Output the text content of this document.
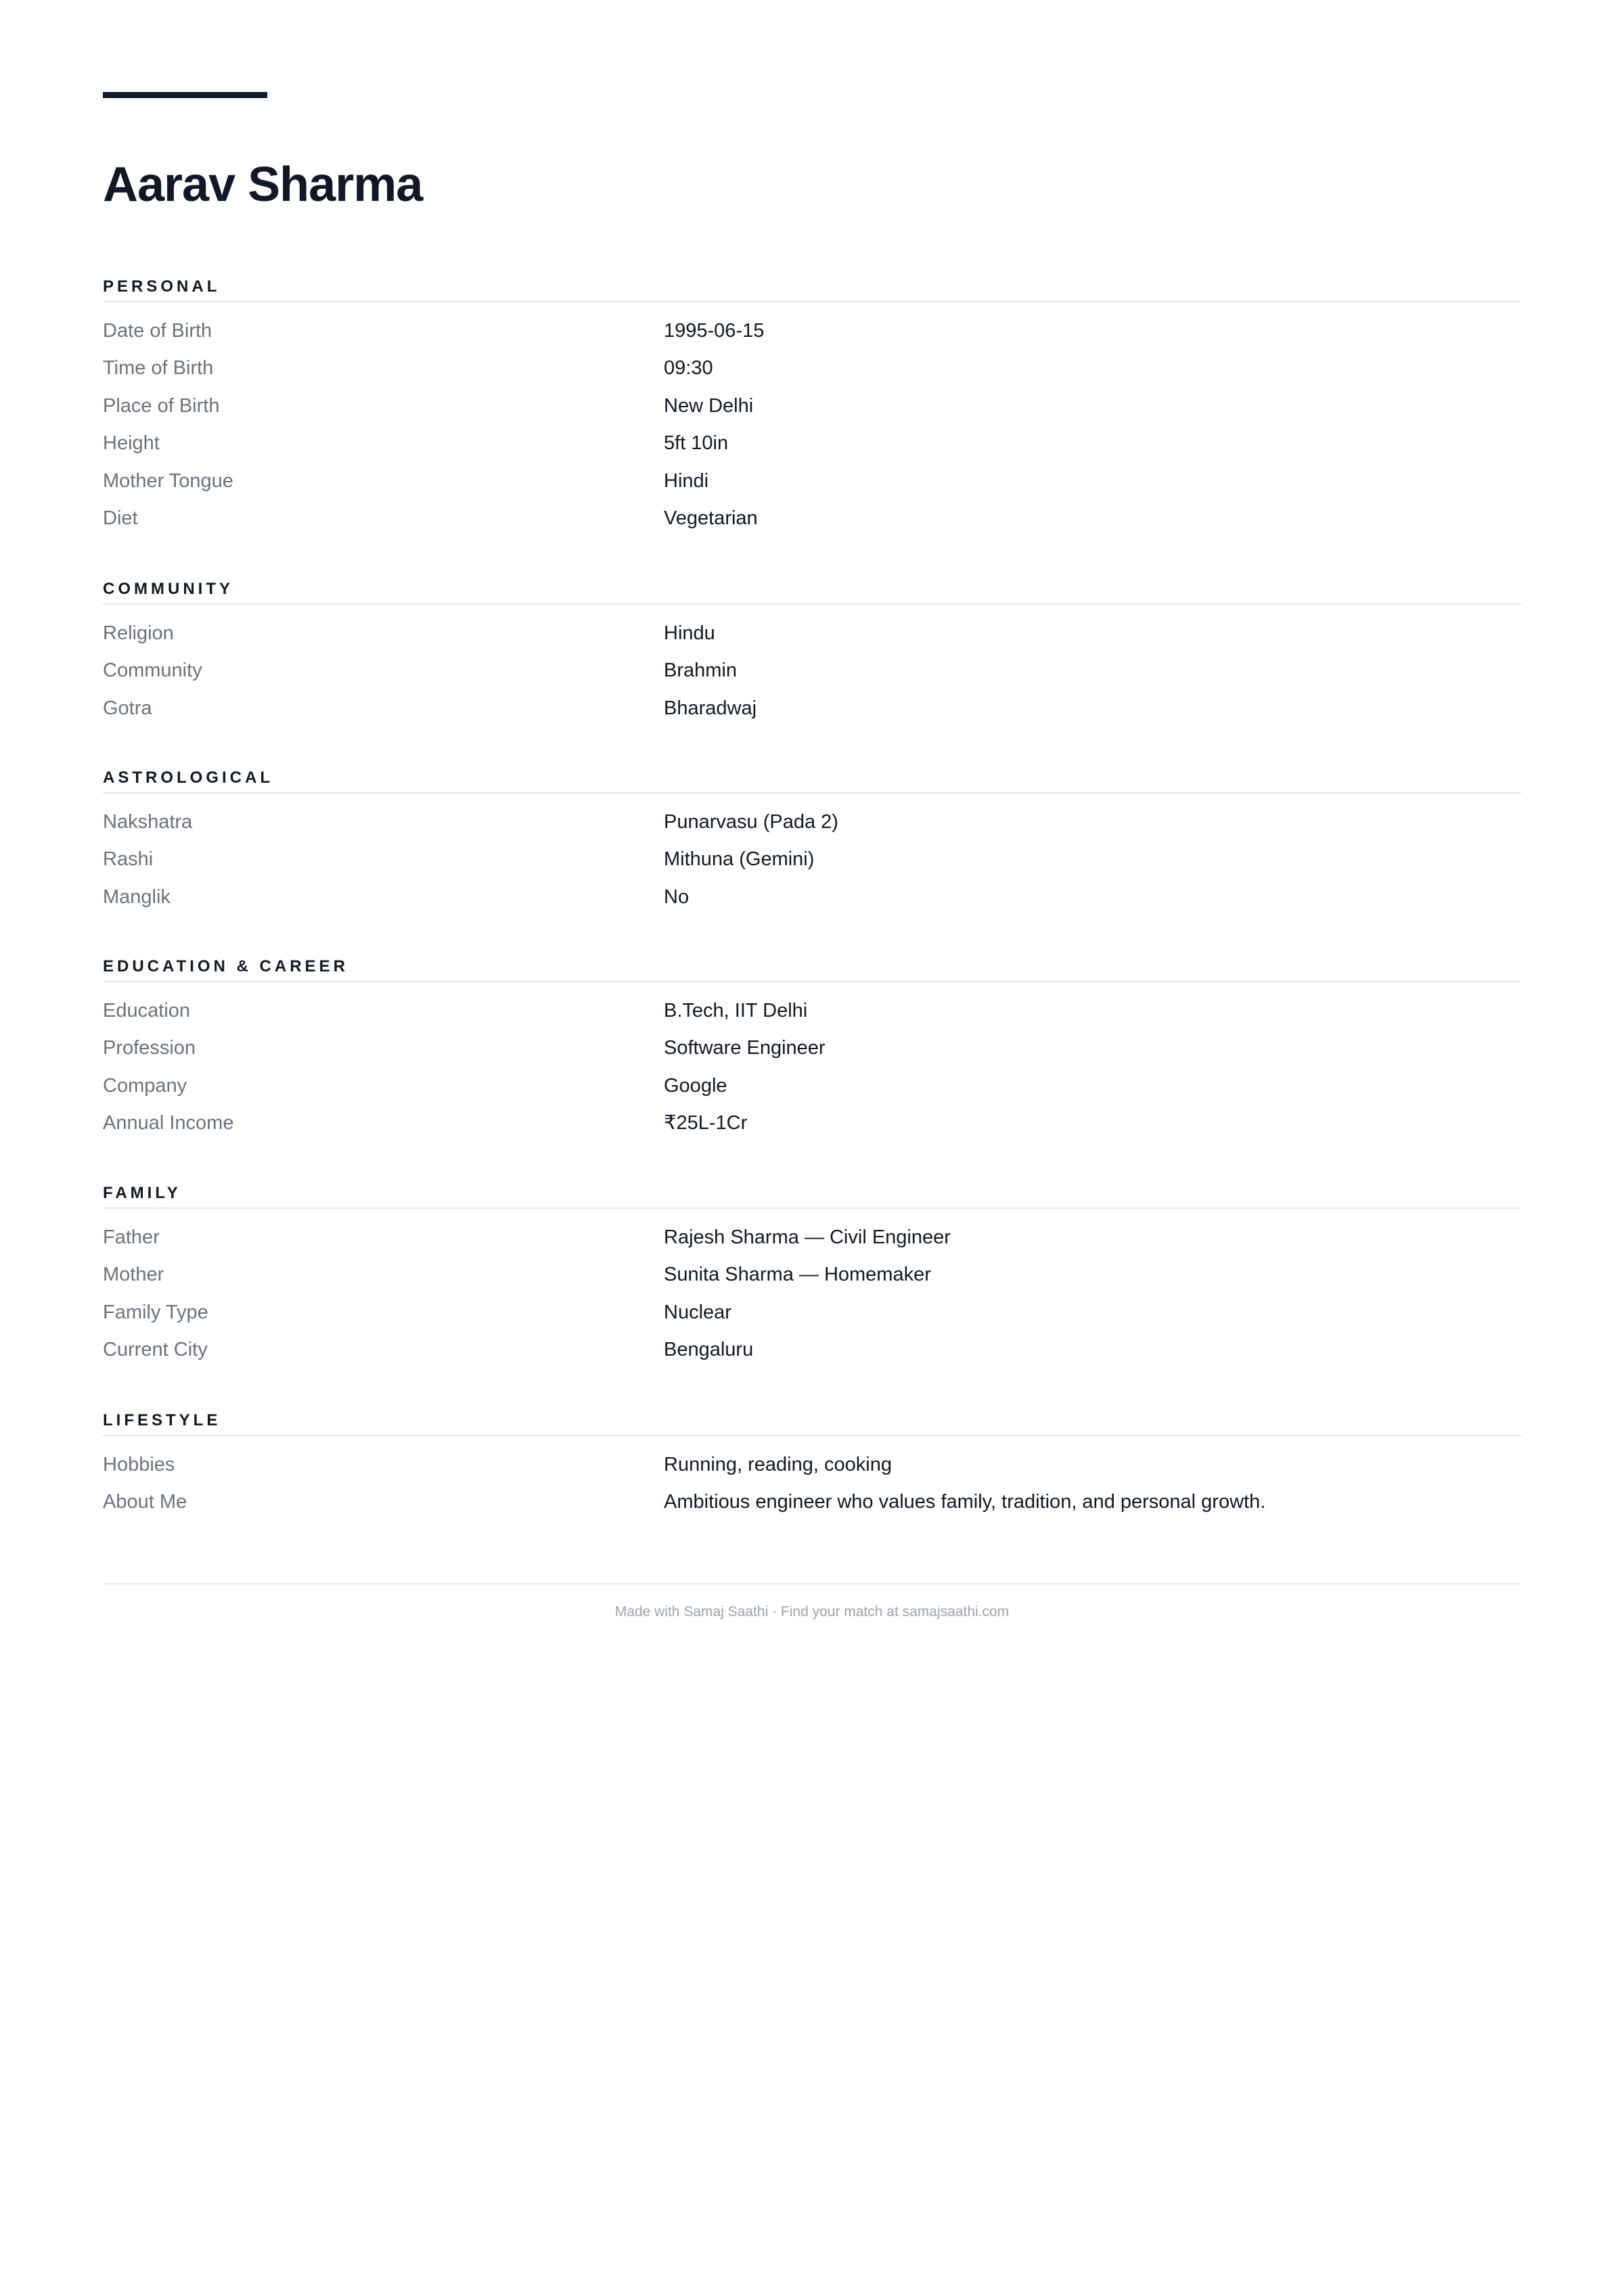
Aarav Sharma
PERSONAL
Date of Birth	1995-06-15
Time of Birth	09:30
Place of Birth	New Delhi
Height	5ft 10in
Mother Tongue	Hindi
Diet	Vegetarian
COMMUNITY
Religion	Hindu
Community	Brahmin
Gotra	Bharadwaj
ASTROLOGICAL
Nakshatra	Punarvasu (Pada 2)
Rashi	Mithuna (Gemini)
Manglik	No
EDUCATION & CAREER
Education	B.Tech, IIT Delhi
Profession	Software Engineer
Company	Google
Annual Income	₹25L-1Cr
FAMILY
Father	Rajesh Sharma — Civil Engineer
Mother	Sunita Sharma — Homemaker
Family Type	Nuclear
Current City	Bengaluru
LIFESTYLE
Hobbies	Running, reading, cooking
About Me	Ambitious engineer who values family, tradition, and personal growth.
Made with Samaj Saathi · Find your match at samajsaathi.com
